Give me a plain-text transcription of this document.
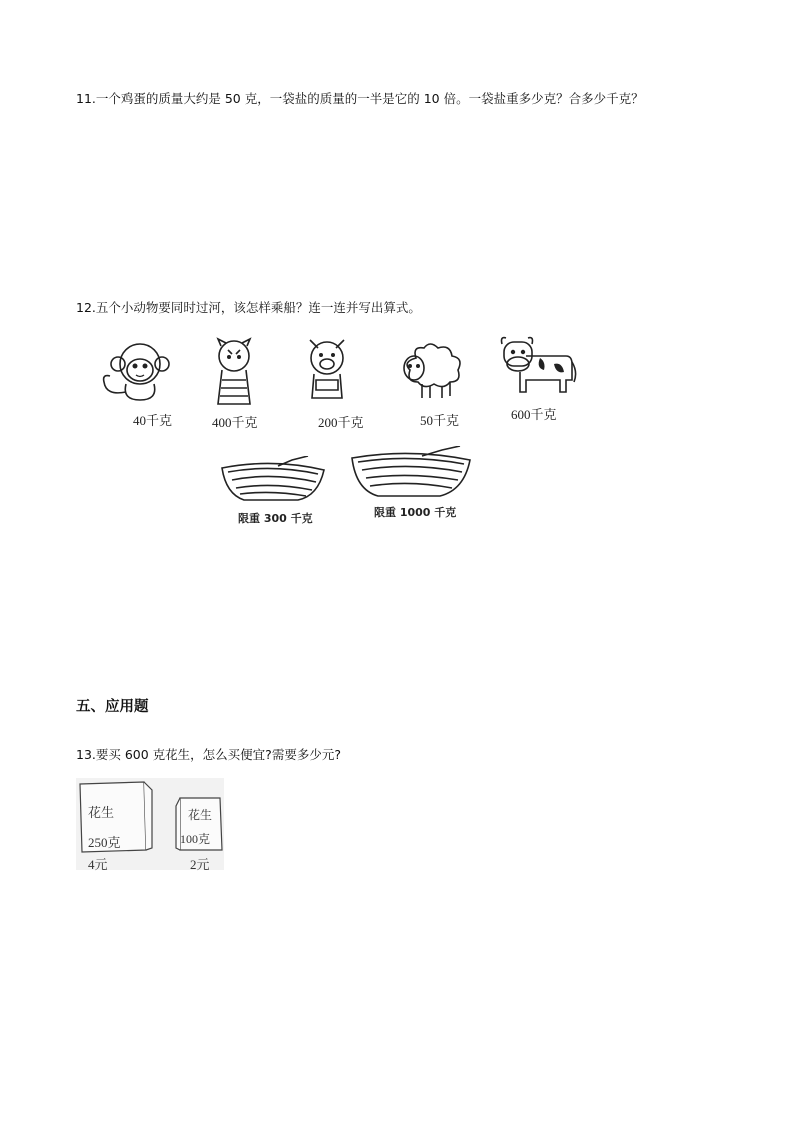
11.一个鸡蛋的质量大约是 50 克，一袋盐的质量的一半是它的 10 倍。一袋盐重多少克？合多少千克？
12.五个小动物要同时过河，该怎样乘船？连一连并写出算式。
40千克	400千克	200千克	50千克	600千克
限重 300 千克	限重 1000 千克
五、应用题
13.要买 600 克花生，怎么买便宜?需要多少元?
花生
250克
4元
花生
100克
2元
